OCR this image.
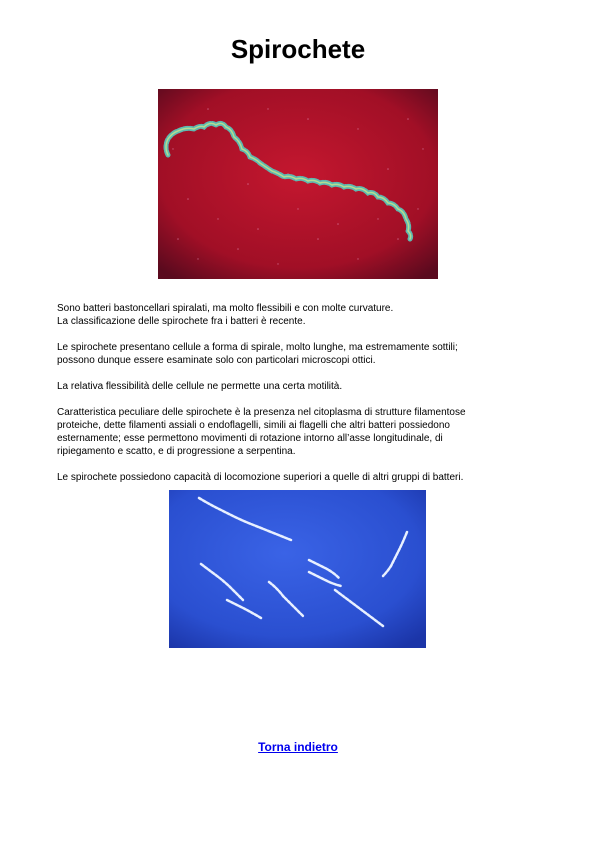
Spirochete

Sono batteri bastoncellari spiralati, ma molto flessibili e con molte curvature.
La classificazione delle spirochete fra i batteri è recente.

Le spirochete presentano cellule a forma di spirale, molto lunghe, ma estremamente sottili;
possono dunque essere esaminate solo con particolari microscopi ottici.

La relativa flessibilità delle cellule ne permette una certa motilità.

Caratteristica peculiare delle spirochete è la presenza nel citoplasma di strutture filamentose
proteiche, dette filamenti assiali o endoflagelli, simili ai flagelli che altri batteri possiedono
esternamente; esse permettono movimenti di rotazione intorno all’asse longitudinale, di
ripiegamento e scatto, e di progressione a serpentina.

Le spirochete possiedono capacità di locomozione superiori a quelle di altri gruppi di batteri.

Torna indietro
